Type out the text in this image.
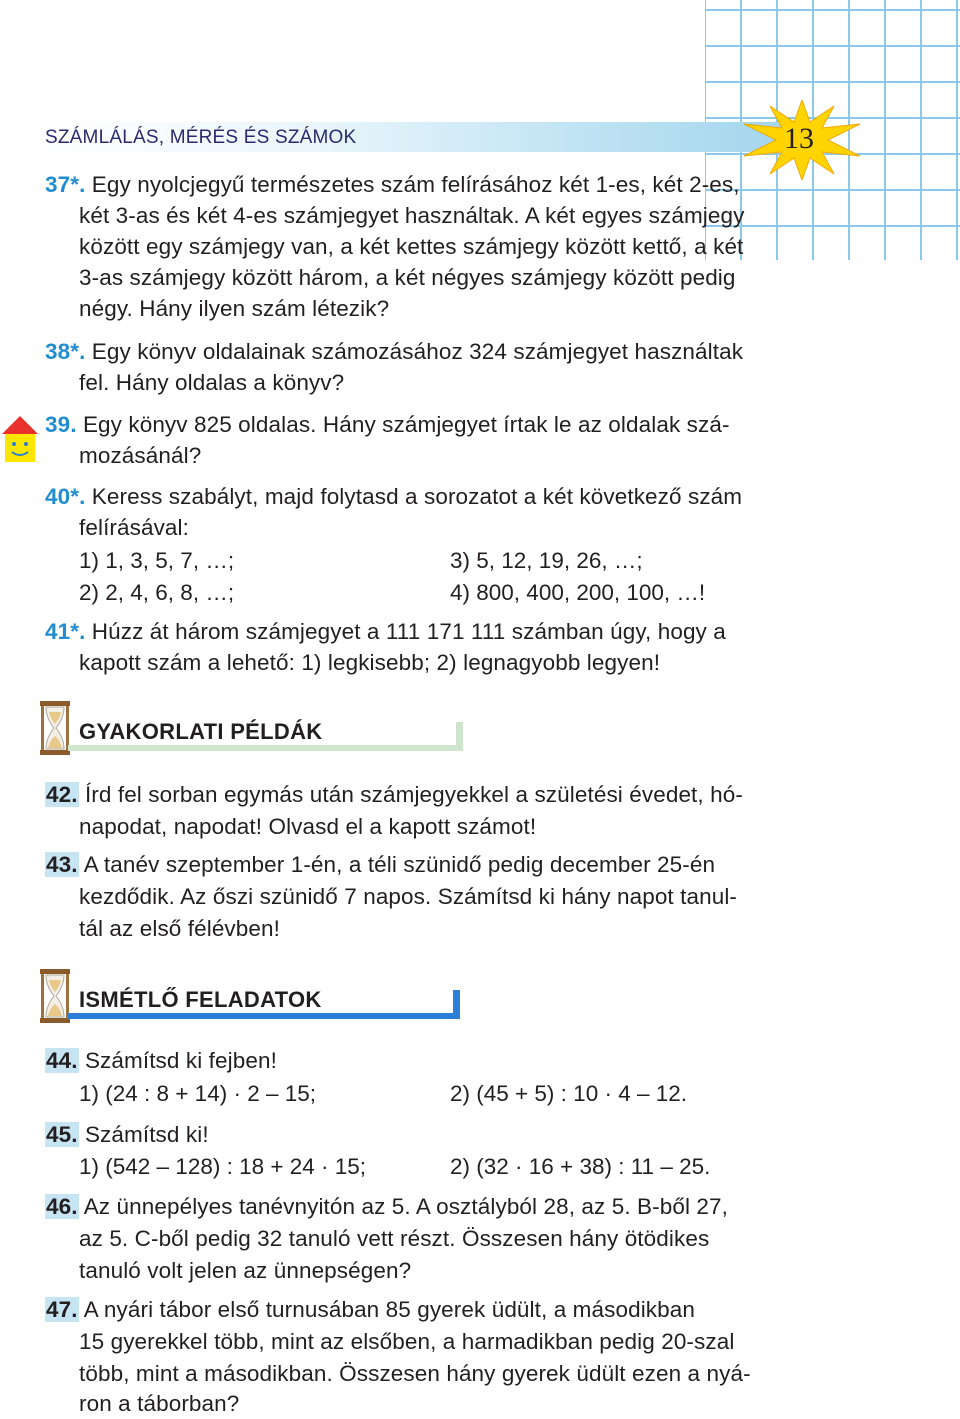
SZÁMLÁLÁS, MÉRÉS ÉS SZÁMOK	13
37*. Egy nyolcjegyű természetes szám felírásához két 1-es, két 2-es,
két 3-as és két 4-es számjegyet használtak. A két egyes számjegy
között egy számjegy van, a két kettes számjegy között kettő, a két
3-as számjegy között három, a két négyes számjegy között pedig
négy. Hány ilyen szám létezik?
38*. Egy könyv oldalainak számozásához 324 számjegyet használtak
fel. Hány oldalas a könyv?
39. Egy könyv 825 oldalas. Hány számjegyet írtak le az oldalak szá-
mozásánál?
40*. Keress szabályt, majd folytasd a sorozatot a két következő szám
felírásával:
1) 1, 3, 5, 7, …;	3) 5, 12, 19, 26, …;
2) 2, 4, 6, 8, …;	4) 800, 400, 200, 100, …!
41*. Húzz át három számjegyet a 111 171 111 számban úgy, hogy a
kapott szám a lehető: 1) legkisebb; 2) legnagyobb legyen!
GYAKORLATI PÉLDÁK
42. Írd fel sorban egymás után számjegyekkel a születési évedet, hó-
napodat, napodat! Olvasd el a kapott számot!
43. A tanév szeptember 1-én, a téli szünidő pedig december 25-én
kezdődik. Az őszi szünidő 7 napos. Számítsd ki hány napot tanul-
tál az első félévben!
ISMÉTLŐ FELADATOK
44. Számítsd ki fejben!
1) (24 : 8 + 14) · 2 – 15;	2) (45 + 5) : 10 · 4 – 12.
45. Számítsd ki!
1) (542 – 128) : 18 + 24 · 15;	2) (32 · 16 + 38) : 11 – 25.
46. Az ünnepélyes tanévnyitón az 5. A osztályból 28, az 5. B-ből 27,
az 5. C-ből pedig 32 tanuló vett részt. Összesen hány ötödikes
tanuló volt jelen az ünnepségen?
47. A nyári tábor első turnusában 85 gyerek üdült, a másodikban
15 gyerekkel több, mint az elsőben, a harmadikban pedig 20-szal
több, mint a másodikban. Összesen hány gyerek üdült ezen a nyá-
ron a táborban?
